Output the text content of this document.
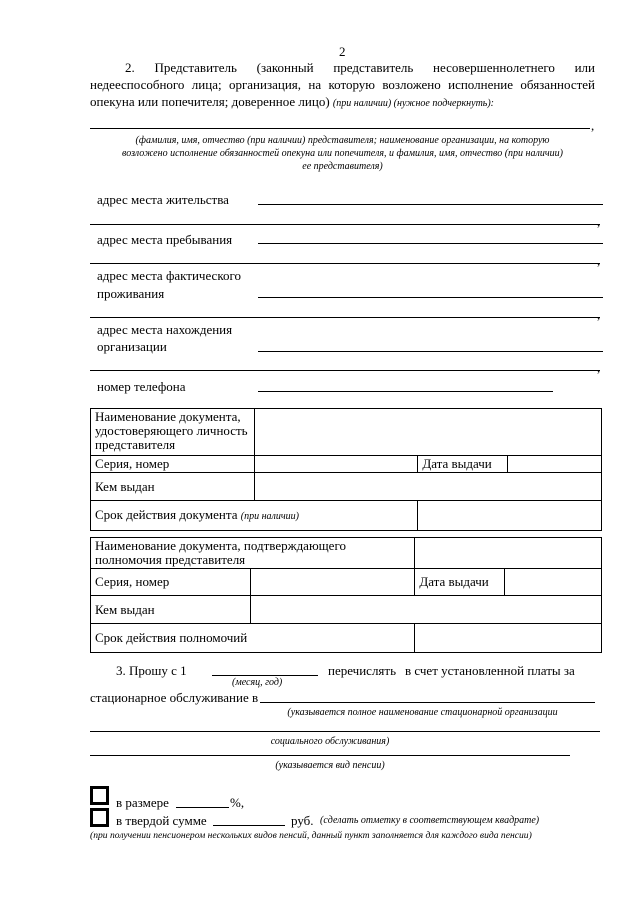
2
2. Представитель (законный представитель несовершеннолетнего или
недееспособного лица; организация, на которую возложено исполнение обязанностей
опекуна или попечителя; доверенное лицо) (при наличии) (нужное подчеркнуть):
,
(фамилия, имя, отчество (при наличии) представителя; наименование организации, на которую
возложено исполнение обязанностей опекуна или попечителя, и фамилия, имя, отчество (при наличии)
ее представителя)
адрес места жительства
,
адрес места пребывания
,
адрес места фактического
проживания
,
адрес места нахождения
организации
,
номер телефона
Наименование документа,
удостоверяющего личность
представителя			

Серия, номер		Дата выдачи	
Кем выдан			
Срок действия документа (при наличии)			
Наименование документа, подтверждающего
полномочия представителя			

Серия, номер		Дата выдачи	
Кем выдан			
Срок действия полномочий			
3. Прошу с 1	перечислять в счет установленной платы за
(месяц, год)
стационарное обслуживание в
(указывается полное наименование стационарной организации
социального обслуживания)
(указывается вид пенсии)
в размере	%,
в твердой сумме	руб. (сделать отметку в соответствующем квадрате)
(при получении пенсионером нескольких видов пенсий, данный пункт заполняется для каждого вида пенсии)
